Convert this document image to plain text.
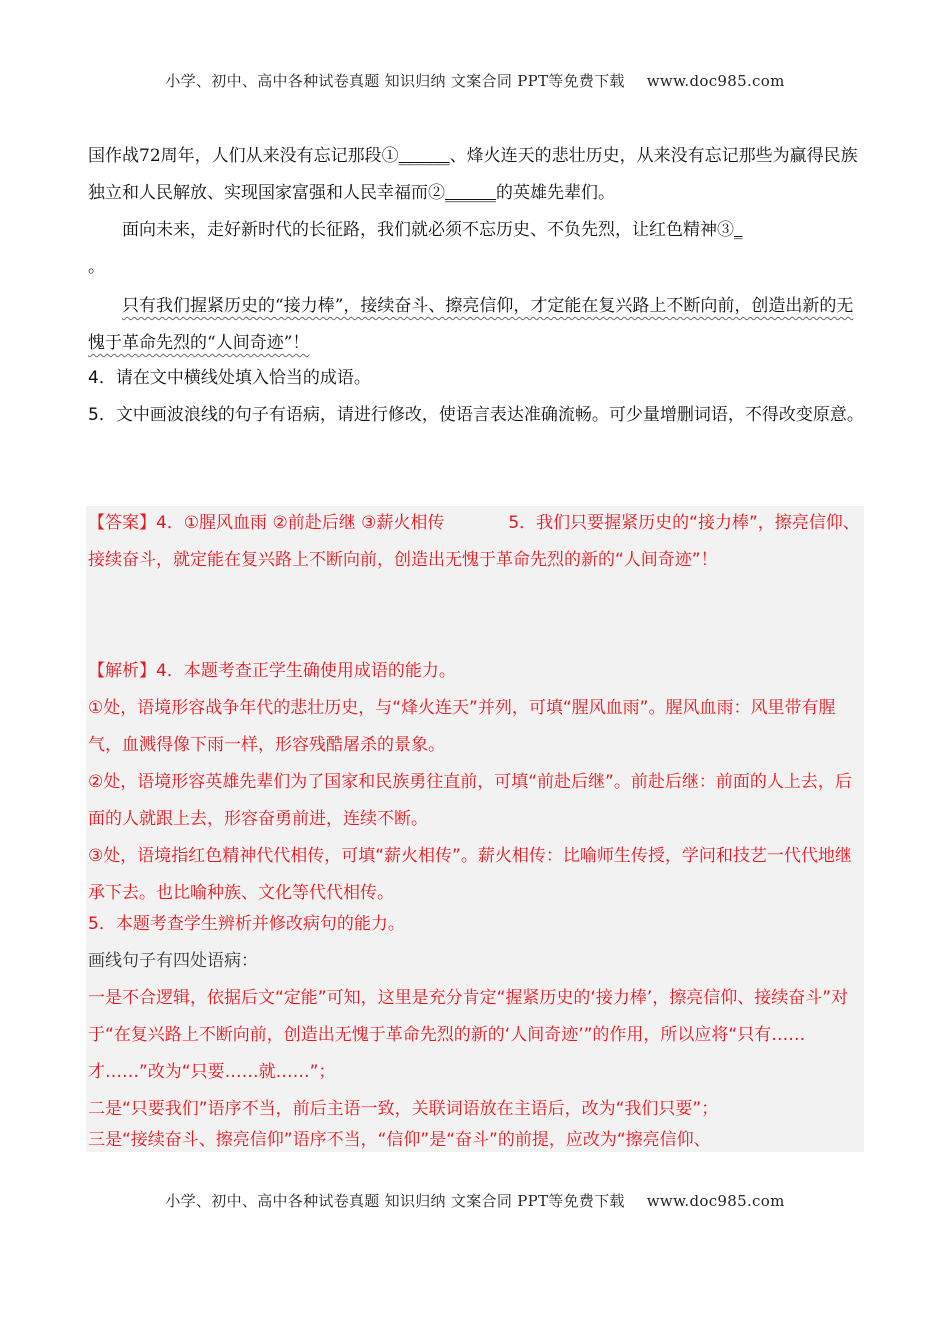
小学、初中、高中各种试卷真题 知识归纳 文案合同 PPT等免费下载 www.doc985.com

国作战72周年，人们从来没有忘记那段①______、烽火连天的悲壮历史，从来没有忘记那些为赢得民族独立和人民解放、实现国家富强和人民幸福而②______的英雄先辈们。

面向未来，走好新时代的长征路，我们就必须不忘历史、不负先烈，让红色精神③_

。

只有我们握紧历史的“接力棒”，接续奋斗、擦亮信仰，才定能在复兴路上不断向前，创造出新的无愧于革命先烈的“人间奇迹”！

4．请在文中横线处填入恰当的成语。

5．文中画波浪线的句子有语病，请进行修改，使语言表达准确流畅。可少量增删词语，不得改变原意。

【答案】4．①腥风血雨 ②前赴后继 ③薪火相传	5．我们只要握紧历史的“接力棒”，擦亮信仰、接续奋斗，就定能在复兴路上不断向前，创造出无愧于革命先烈的新的“人间奇迹”！

【解析】4．本题考查正学生确使用成语的能力。

①处，语境形容战争年代的悲壮历史，与“烽火连天”并列，可填“腥风血雨”。腥风血雨：风里带有腥气，血溅得像下雨一样，形容残酷屠杀的景象。

②处，语境形容英雄先辈们为了国家和民族勇往直前，可填“前赴后继”。前赴后继：前面的人上去，后面的人就跟上去，形容奋勇前进，连续不断。

③处，语境指红色精神代代相传，可填“薪火相传”。薪火相传：比喻师生传授，学问和技艺一代代地继承下去。也比喻种族、文化等代代相传。

5．本题考查学生辨析并修改病句的能力。

画线句子有四处语病：

一是不合逻辑，依据后文“定能”可知，这里是充分肯定“握紧历史的‘接力棒’，擦亮信仰、接续奋斗”对于“在复兴路上不断向前，创造出无愧于革命先烈的新的‘人间奇迹’”的作用，所以应将“只有……才……”改为“只要……就……”；

二是“只要我们”语序不当，前后主语一致，关联词语放在主语后，改为“我们只要”；

三是“接续奋斗、擦亮信仰”语序不当，“信仰”是“奋斗”的前提，应改为“擦亮信仰、

小学、初中、高中各种试卷真题 知识归纳 文案合同 PPT等免费下载 www.doc985.com
